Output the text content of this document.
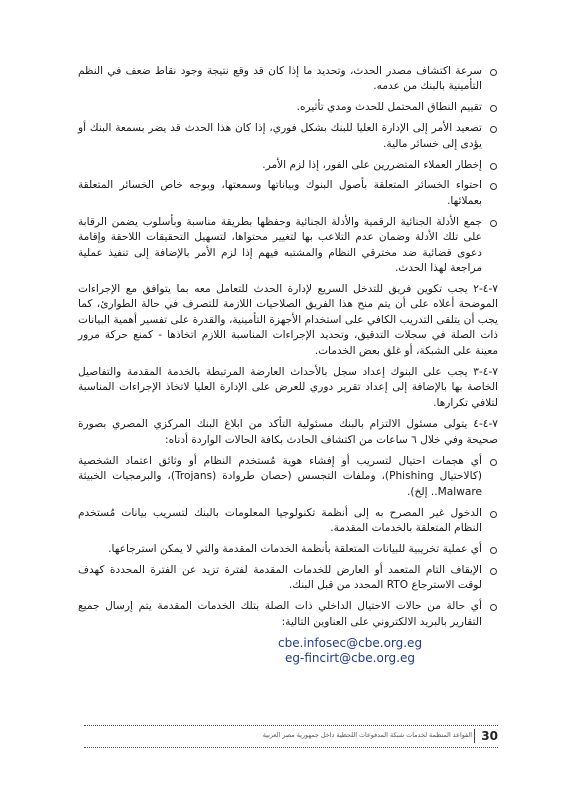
سرعة اكتشاف مصدر الحدث، وتحديد ما إذا كان قد وقع نتيجة وجود نقاط ضعف في النظم التأمينية بالبنك من عدمه.
تقييم النطاق المحتمل للحدث ومدي تأثيره.
تصعيد الأمر إلى الإدارة العليا للبنك بشكل فوري، إذا كان هذا الحدث قد يضر بسمعة البنك أو يؤدى إلى خسائر مالية.
إخطار العملاء المتضررين على الفور، إذا لزم الأمر.
احتواء الخسائر المتعلقة بأصول البنوك وبياناتها وسمعتها، وبوجه خاص الخسائر المتعلقة بعملائها.
جمع الأدلة الجنائية الرقمية والأدلة الجنائية وحفظها بطريقة مناسبة وبأسلوب يضمن الرقابة على تلك الأدلة وضمان عدم التلاعب بها لتغيير محتواها، لتسهيل التحقيقات اللاحقة وإقامة دعوى قضائية ضد مخترقي النظام والمشتبه فيهم إذا لزم الأمر بالإضافة إلى تنفيذ عملية مراجعة لهذا الحدث.

٧-٤-٢ يجب تكوين فريق للتدخل السريع لإدارة الحدث للتعامل معه بما يتوافق مع الإجراءات الموضحة أعلاه على أن يتم منح هذا الفريق الصلاحيات اللازمة للتصرف في حالة الطوارئ، كما يجب أن يتلقى التدريب الكافي على استخدام الأجهزة التأمينية، والقدرة على تفسير أهمية البيانات ذات الصلة في سجلات التدقيق، وتحديد الإجراءات المناسبة اللازم اتخاذها - كمنع حركة مرور معينة على الشبكة، أو غلق بعض الخدمات.

٧-٤-٣ يجب على البنوك إعداد سجل بالأحداث العارضة المرتبطة بالخدمة المقدمة والتفاصيل الخاصة بها بالإضافة إلى إعداد تقرير دوري للعرض على الإدارة العليا لاتخاذ الإجراءات المناسبة لتلافي تكرارها.

٧-٤-٤ يتولى مسئول الالتزام بالبنك مسئولية التأكد من ابلاغ البنك المركزي المصري بصورة صحيحة وفي خلال ٦ ساعات من اكتشاف الحادث بكافة الحالات الواردة أدناه:

أي هجمات احتيال لتسريب أو إفشاء هوية مُستخدم النظام أو وثائق اعتماد الشخصية (كالاحتيال Phishing)، وملفات التجسس (حصان طروادة (Trojans)، والبرمجيات الخبيثة Malware.. إلخ).
الدخول غير المصرح به إلى أنظمة تكنولوجيا المعلومات بالبنك لتسريب بيانات مُستخدم النظام المتعلقة بالخدمات المقدمة.
أي عملية تخريبية للبيانات المتعلقة بأنظمة الخدمات المقدمة والتي لا يمكن استرجاعها.
الإيقاف التام المتعمد أو العارض للخدمات المقدمة لفترة تزيد عن الفترة المحددة كهدف لوقت الاسترجاع RTO المحدد من قبل البنك.
أي حالة من حالات الاحتيال الداخلي ذات الصلة بتلك الخدمات المقدمة يتم إرسال جميع التقارير بالبريد الالكتروني على العناوين التالية:
cbe.infosec@cbe.org.eg
eg-fincirt@cbe.org.eg
30
القواعد المنظمة لخدمات شبكة المدفوعات اللحظية داخل جمهورية مصر العربية
